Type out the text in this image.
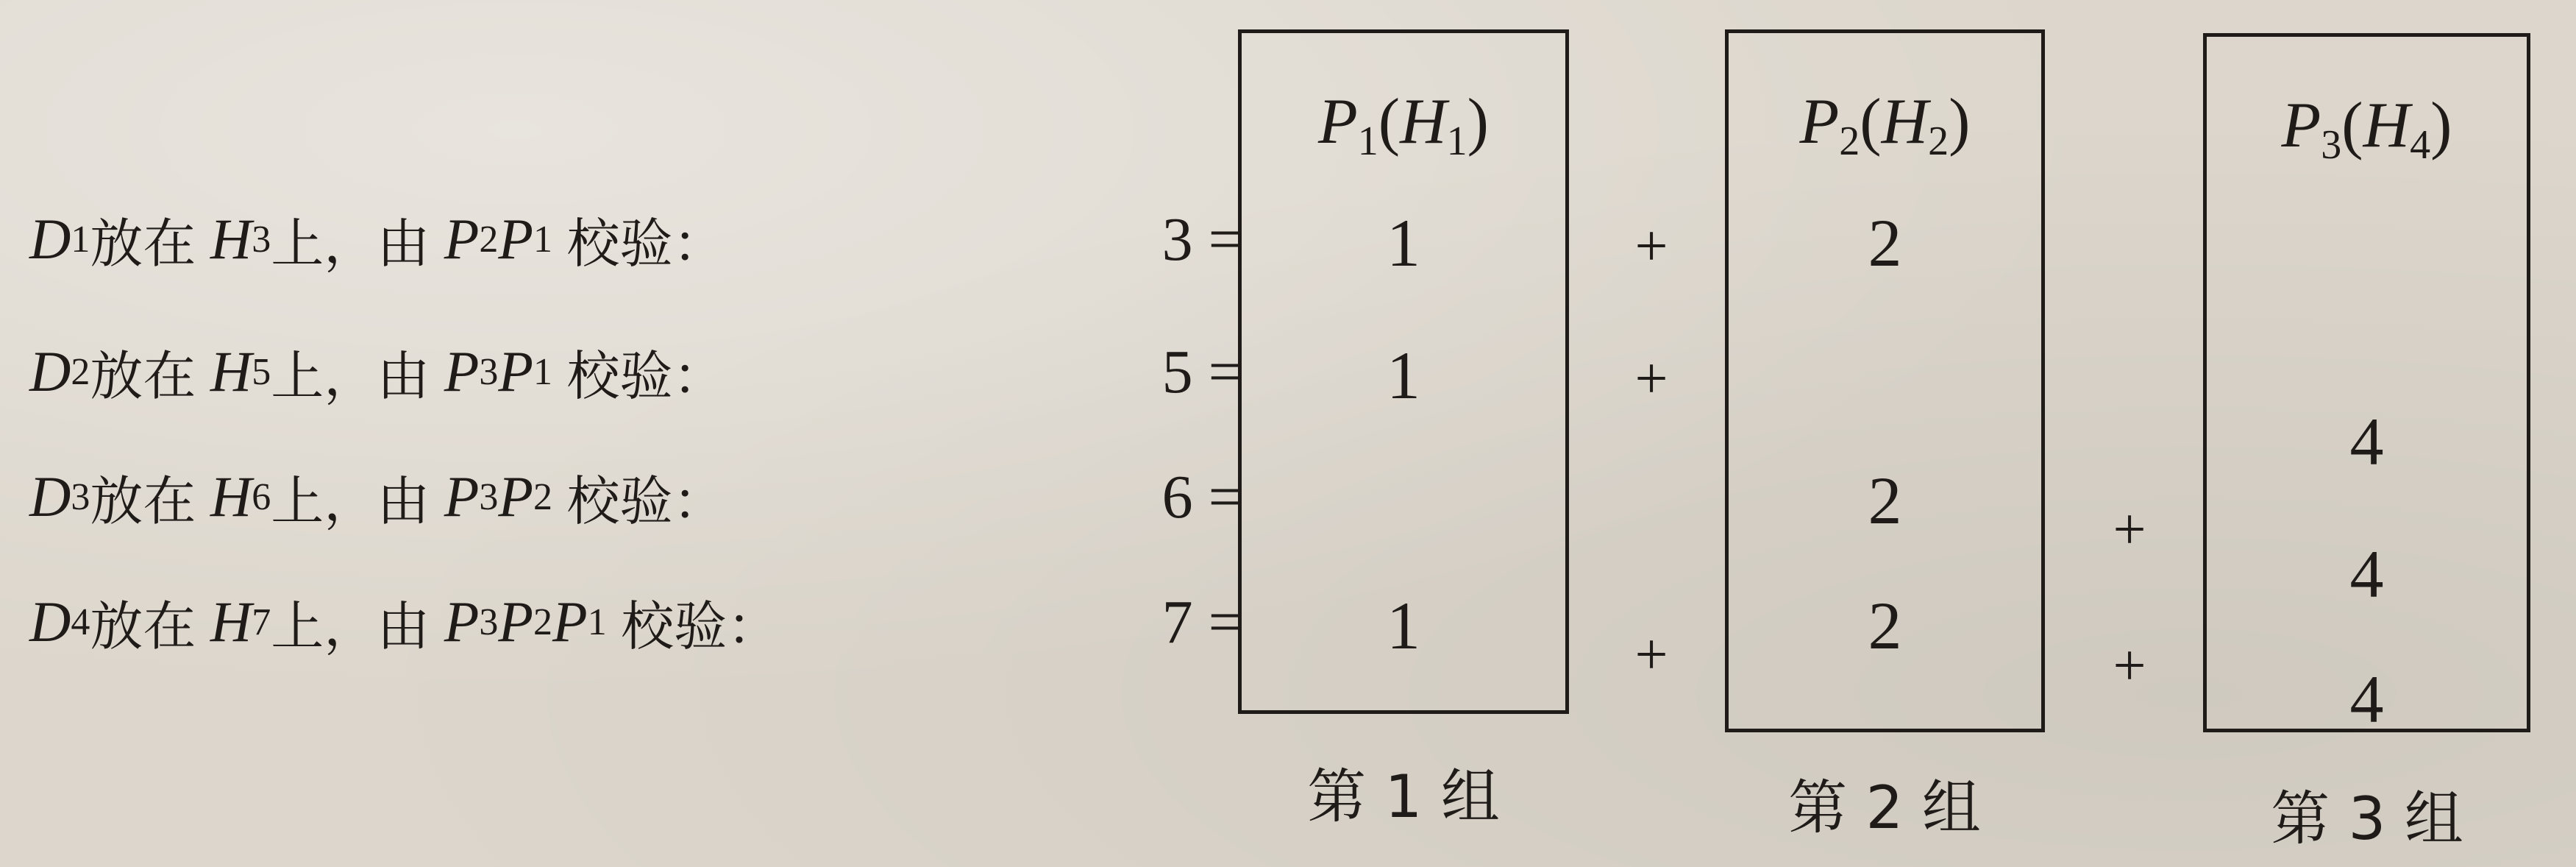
D 1 放在
H 3 上，由
P 2 P 1
校验：
D 2 放在
H 5 上，由
P 3 P 1
校验：
D 3 放在
H 6 上，由
P 3 P 2
校验：
D 4 放在
H 7 上，由
P 3 P 2 P 1
校验：
3 =
5 =
6 =
7 =
$P_1(H_1)$
1
1
1
$P_2(H_2)$
2
2
2
$P_3(H_4)$
4
4
4
+
+
+
+
+
第 1 组	第 2 组	第 3 组
